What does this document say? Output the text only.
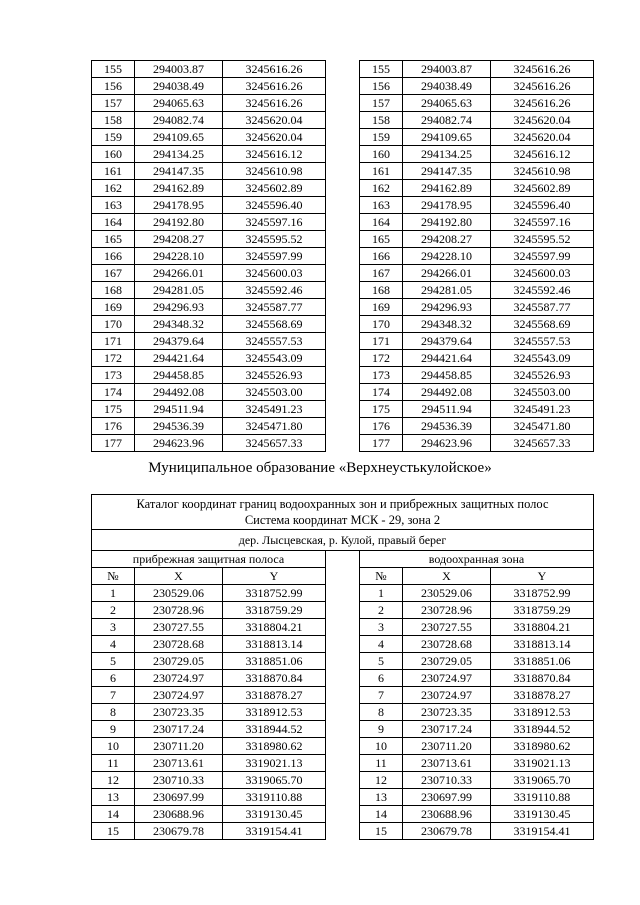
155	294003.87	3245616.26		155	294003.87	3245616.26
156	294038.49	3245616.26		156	294038.49	3245616.26
157	294065.63	3245616.26		157	294065.63	3245616.26
158	294082.74	3245620.04		158	294082.74	3245620.04
159	294109.65	3245620.04		159	294109.65	3245620.04
160	294134.25	3245616.12		160	294134.25	3245616.12
161	294147.35	3245610.98		161	294147.35	3245610.98
162	294162.89	3245602.89		162	294162.89	3245602.89
163	294178.95	3245596.40		163	294178.95	3245596.40
164	294192.80	3245597.16		164	294192.80	3245597.16
165	294208.27	3245595.52		165	294208.27	3245595.52
166	294228.10	3245597.99		166	294228.10	3245597.99
167	294266.01	3245600.03		167	294266.01	3245600.03
168	294281.05	3245592.46		168	294281.05	3245592.46
169	294296.93	3245587.77		169	294296.93	3245587.77
170	294348.32	3245568.69		170	294348.32	3245568.69
171	294379.64	3245557.53		171	294379.64	3245557.53
172	294421.64	3245543.09		172	294421.64	3245543.09
173	294458.85	3245526.93		173	294458.85	3245526.93
174	294492.08	3245503.00		174	294492.08	3245503.00
175	294511.94	3245491.23		175	294511.94	3245491.23
176	294536.39	3245471.80		176	294536.39	3245471.80
177	294623.96	3245657.33		177	294623.96	3245657.33
Муниципальное образование «Верхнеустькулойское»
Каталог координат границ водоохранных зон и прибрежных защитных полос
Система координат МСК - 29, зона 2						

дер. Лысцевская, р. Кулой, правый берег						
прибрежная защитная полоса				водоохранная зона		
№	X	Y		№	X	Y
1	230529.06	3318752.99		1	230529.06	3318752.99
2	230728.96	3318759.29		2	230728.96	3318759.29
3	230727.55	3318804.21		3	230727.55	3318804.21
4	230728.68	3318813.14		4	230728.68	3318813.14
5	230729.05	3318851.06		5	230729.05	3318851.06
6	230724.97	3318870.84		6	230724.97	3318870.84
7	230724.97	3318878.27		7	230724.97	3318878.27
8	230723.35	3318912.53		8	230723.35	3318912.53
9	230717.24	3318944.52		9	230717.24	3318944.52
10	230711.20	3318980.62		10	230711.20	3318980.62
11	230713.61	3319021.13		11	230713.61	3319021.13
12	230710.33	3319065.70		12	230710.33	3319065.70
13	230697.99	3319110.88		13	230697.99	3319110.88
14	230688.96	3319130.45		14	230688.96	3319130.45
15	230679.78	3319154.41		15	230679.78	3319154.41
